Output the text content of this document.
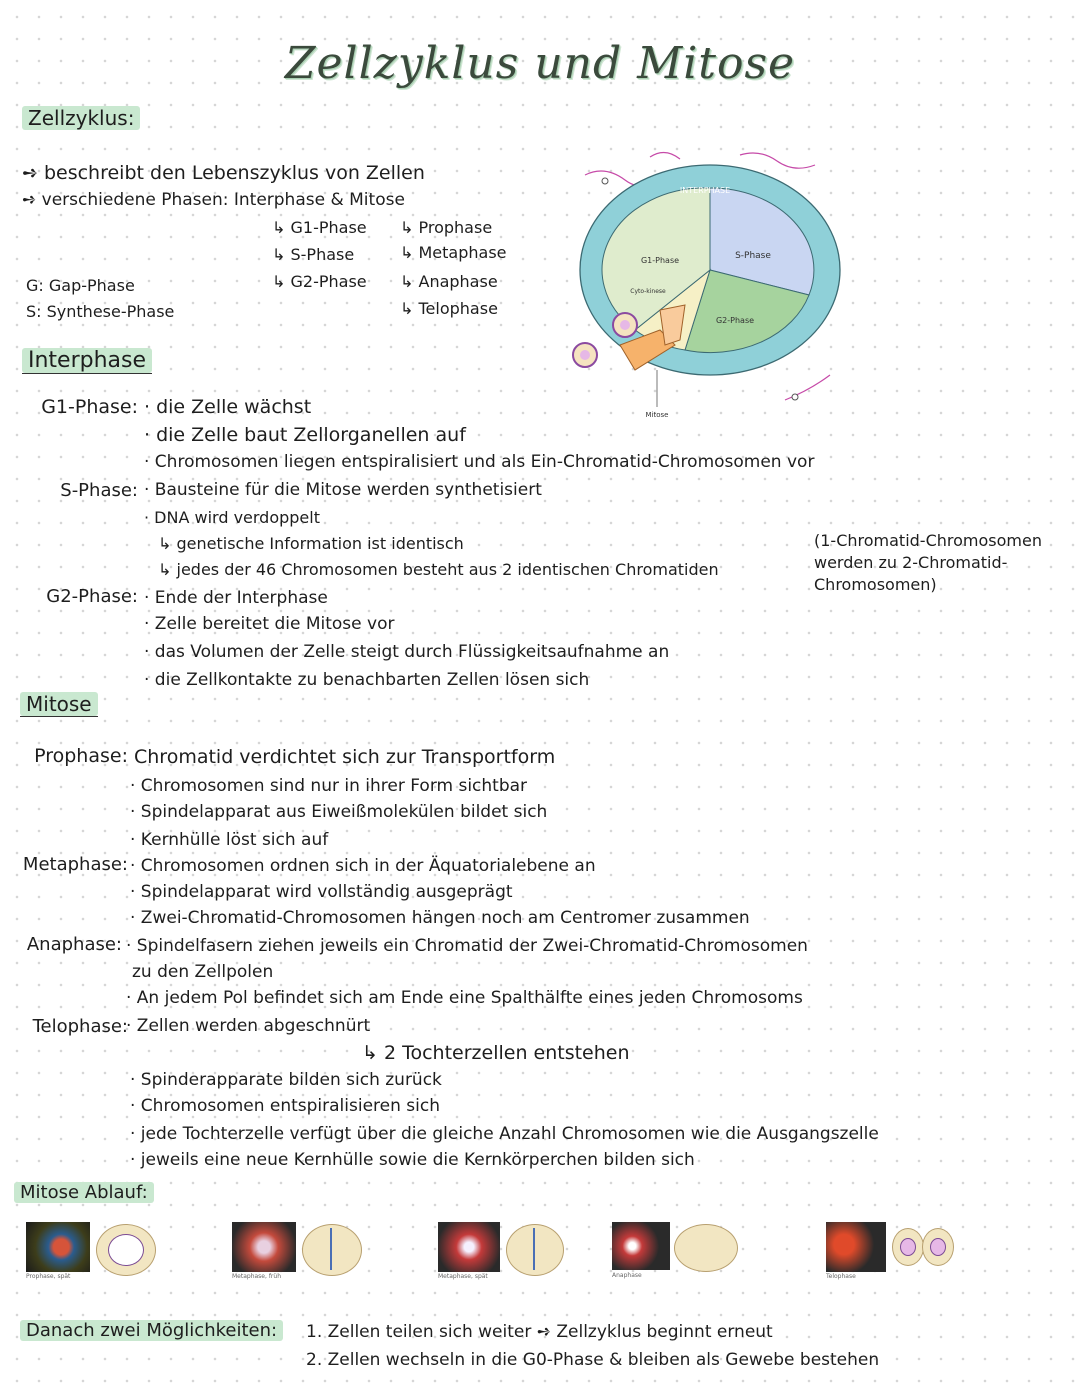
Zellzyklus und Mitose
Zellzyklus:
➺ beschreibt den Lebenszyklus von Zellen
➺ verschiedene Phasen: Interphase & Mitose
↳ G1-Phase
↳ S-Phase
↳ G2-Phase
↳ Prophase
↳ Metaphase
↳ Anaphase
↳ Telophase
G: Gap-Phase
S: Synthese-Phase
INTERPHASE
G1-Phase	S-Phase
G2-Phase
Cyto-kinese
Mitose
Interphase
G1-Phase: · die Zelle wächst
· die Zelle baut Zellorganellen auf
· Chromosomen liegen entspiralisiert und als Ein-Chromatid-Chromosomen vor
S-Phase: · Bausteine für die Mitose werden synthetisiert
· DNA wird verdoppelt
↳ genetische Information ist identisch
↳ jedes der 46 Chromosomen besteht aus 2 identischen Chromatiden
(1-Chromatid-Chromosomen
werden zu 2-Chromatid-
Chromosomen)
G2-Phase: · Ende der Interphase
· Zelle bereitet die Mitose vor
· das Volumen der Zelle steigt durch Flüssigkeitsaufnahme an
· die Zellkontakte zu benachbarten Zellen lösen sich
Mitose
Prophase: Chromatid verdichtet sich zur Transportform
· Chromosomen sind nur in ihrer Form sichtbar
· Spindelapparat aus Eiweißmolekülen bildet sich
· Kernhülle löst sich auf
Metaphase: · Chromosomen ordnen sich in der Äquatorialebene an
· Spindelapparat wird vollständig ausgeprägt
· Zwei-Chromatid-Chromosomen hängen noch am Centromer zusammen
Anaphase: · Spindelfasern ziehen jeweils ein Chromatid der Zwei-Chromatid-Chromosomen
zu den Zellpolen
· An jedem Pol befindet sich am Ende eine Spalthälfte eines jeden Chromosoms
Telophase:
· Zellen werden abgeschnürt
↳ 2 Tochterzellen entstehen
· Spinderapparate bilden sich zurück
· Chromosomen entspiralisieren sich
· jede Tochterzelle verfügt über die gleiche Anzahl Chromosomen wie die Ausgangszelle
· jeweils eine neue Kernhülle sowie die Kernkörperchen bilden sich
Mitose Ablauf:
Prophase, spät	Metaphase, früh	Metaphase, spät	Anaphase	Telophase
Danach zwei Möglichkeiten:	1. Zellen teilen sich weiter ➺ Zellzyklus beginnt erneut
2. Zellen wechseln in die G0-Phase & bleiben als Gewebe bestehen
